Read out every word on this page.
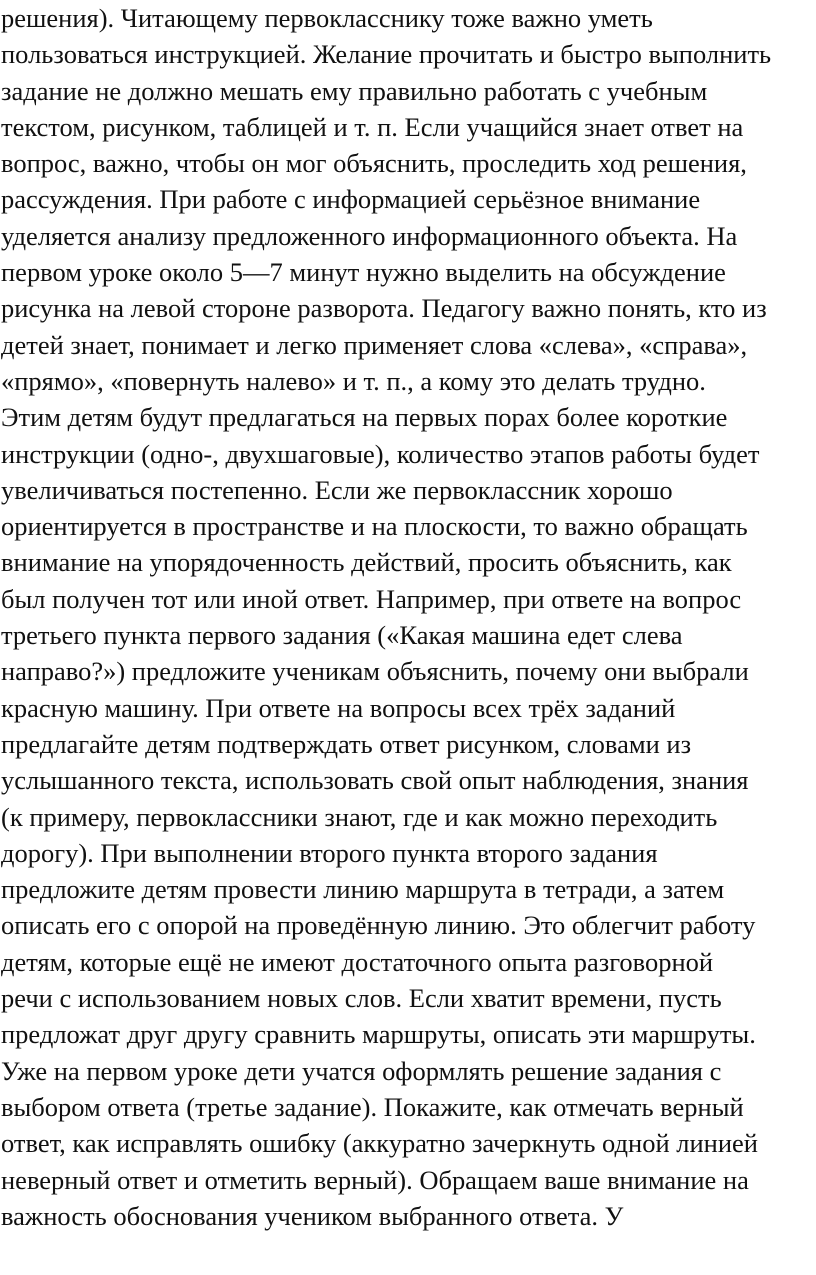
решения). Читающему первокласснику тоже важно уметь
пользоваться инструкцией. Желание прочитать и быстро выполнить
задание не должно мешать ему правильно работать с учебным
текстом, рисунком, таблицей и т. п. Если учащийся знает ответ на
вопрос, важно, чтобы он мог объяснить, проследить ход решения,
рассуждения. При работе с информацией серьёзное внимание
уделяется анализу предложенного информационного объекта. На
первом уроке около 5—7 минут нужно выделить на обсуждение
рисунка на левой стороне разворота. Педагогу важно понять, кто из
детей знает, понимает и легко применяет слова «слева», «справа»,
«прямо», «повернуть налево» и т. п., а кому это делать трудно.
Этим детям будут предлагаться на первых порах более короткие
инструкции (одно-, двухшаговые), количество этапов работы будет
увеличиваться постепенно. Если же первоклассник хорошо
ориентируется в пространстве и на плоскости, то важно обращать
внимание на упорядоченность действий, просить объяснить, как
был получен тот или иной ответ. Например, при ответе на вопрос
третьего пункта первого задания («Какая машина едет слева
направо?») предложите ученикам объяснить, почему они выбрали
красную машину. При ответе на вопросы всех трёх заданий
предлагайте детям подтверждать ответ рисунком, словами из
услышанного текста, использовать свой опыт наблюдения, знания
(к примеру, первоклассники знают, где и как можно переходить
дорогу). При выполнении второго пункта второго задания
предложите детям провести линию маршрута в тетради, а затем
описать его с опорой на проведённую линию. Это облегчит работу
детям, которые ещё не имеют достаточного опыта разговорной
речи с использованием новых слов. Если хватит времени, пусть
предложат друг другу сравнить маршруты, описать эти маршруты.
Уже на первом уроке дети учатся оформлять решение задания с
выбором ответа (третье задание). Покажите, как отмечать верный
ответ, как исправлять ошибку (аккуратно зачеркнуть одной линией
неверный ответ и отметить верный). Обращаем ваше внимание на
важность обоснования учеником выбранного ответа. У
